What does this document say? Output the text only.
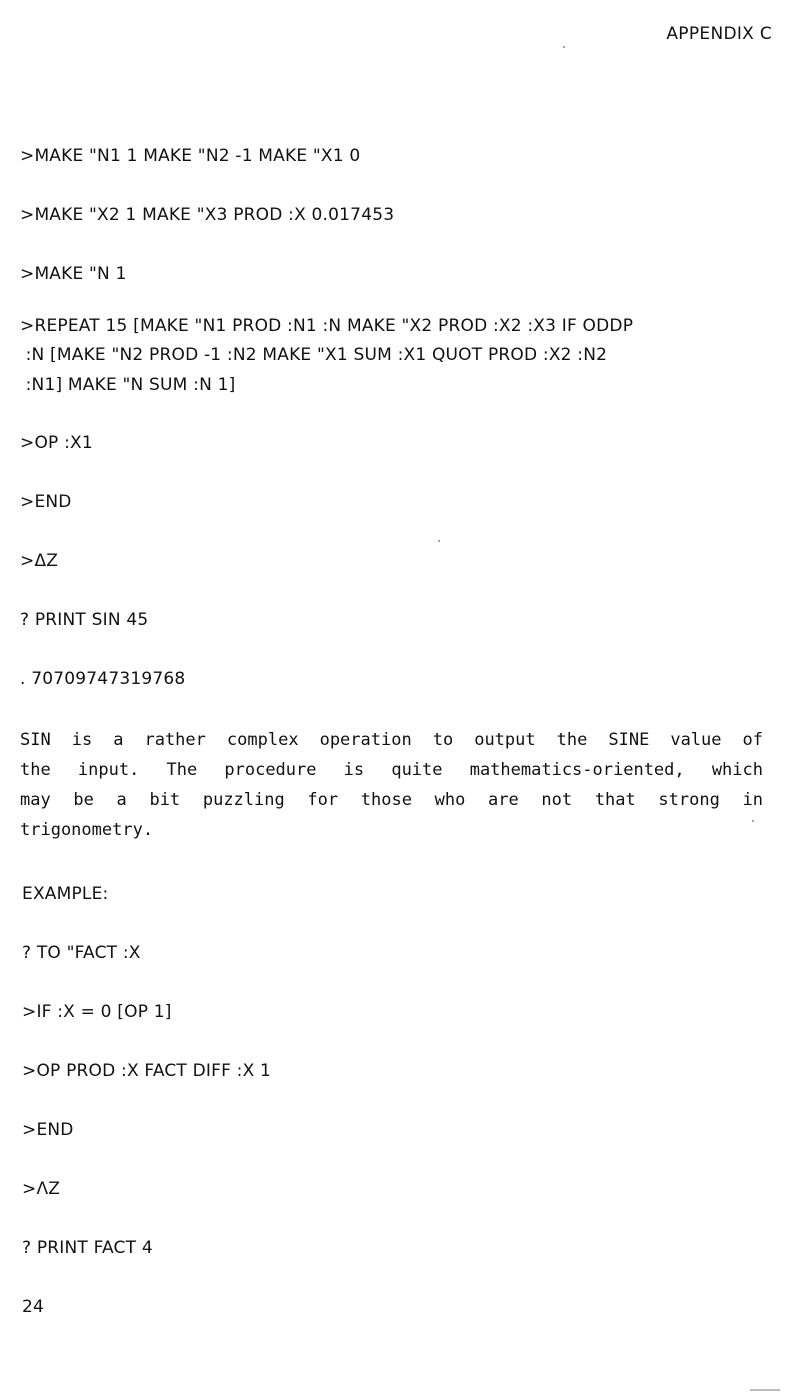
APPENDIX C
>MAKE "N1 1 MAKE "N2 -1 MAKE "X1 0
>MAKE "X2 1 MAKE "X3 PROD :X 0.017453
>MAKE "N 1
>REPEAT 15 [MAKE "N1 PROD :N1 :N MAKE "X2 PROD :X2 :X3 IF ODDP
:N [MAKE "N2 PROD -1 :N2 MAKE "X1 SUM :X1 QUOT PROD :X2 :N2
:N1] MAKE "N SUM :N 1]
>OP :X1
>END
>ΔZ
? PRINT SIN 45
. 70709747319768
SIN is a rather complex operation to output the SINE value of
the input. The procedure is quite mathematics-oriented, which
may be a bit puzzling for those who are not that strong in
trigonometry.
EXAMPLE:
? TO "FACT :X
>IF :X = 0 [OP 1]
>OP PROD :X FACT DIFF :X 1
>END
>ΛZ
? PRINT FACT 4
24
